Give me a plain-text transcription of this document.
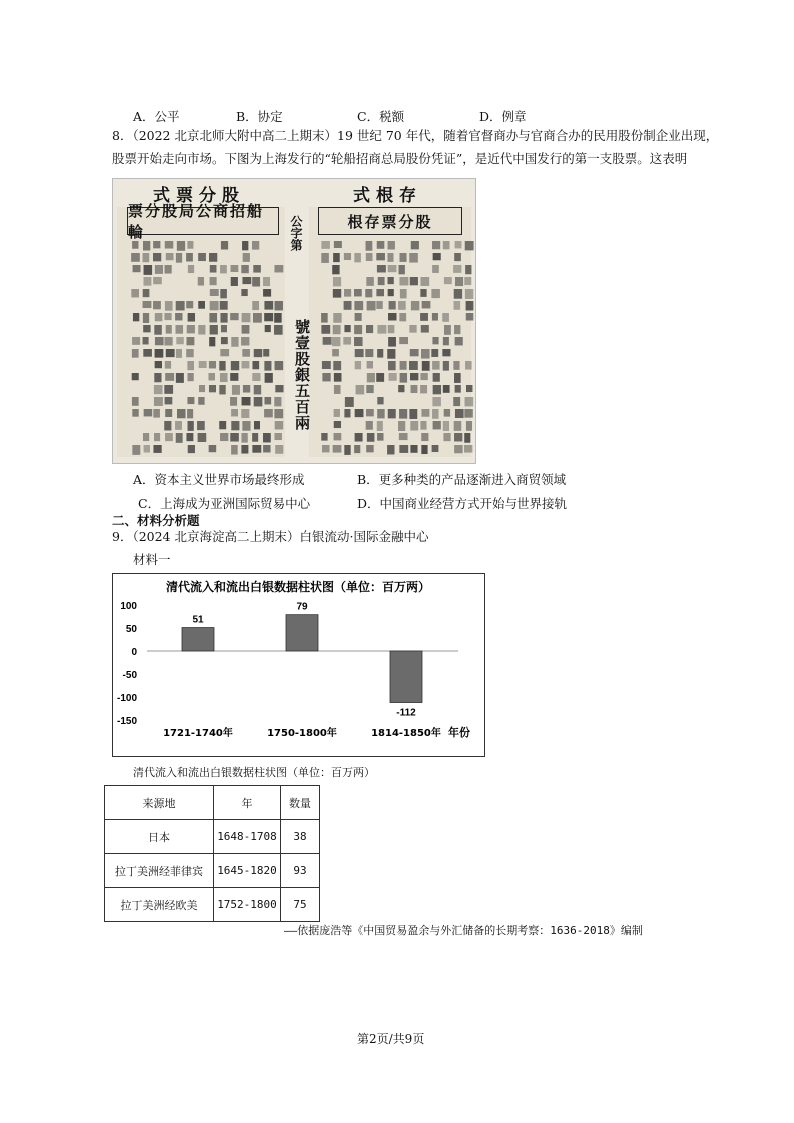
A．公平	B．协定	C．税额	D．例章
8．（2022 北京北师大附中高二上期末）19 世纪 70 年代，随着官督商办与官商合办的民用股份制企业出现，
股票开始走向市场。下图为上海发行的“轮船招商总局股份凭证”，是近代中国发行的第一支股票。这表明
式票分股	式根存
票分股局公商招船輪
根存票分股
公字第
號壹股銀五百兩
A．资本主义世界市场最终形成	B．更多种类的产品逐渐进入商贸领域
C．上海成为亚洲国际贸易中心	D．中国商业经营方式开始与世界接轨
二、材料分析题
9．（2024 北京海淀高二上期末）白银流动·国际金融中心
材料一
清代流入和流出白银数据柱状图（单位：百万两）
100
50
0
-50
-100
-150
51
79
-112
1721-1740年	1750-1800年	1814-1850年 年份
清代流入和流出白银数据柱状图（单位：百万两）
来源地	年	数量
日本	1648-1708	38
拉丁美洲经菲律宾	1645-1820	93
拉丁美洲经欧美	1752-1800	75
——依据庞浩等《中国贸易盈余与外汇储备的长期考察：1636-2018》编制
第2页/共9页
